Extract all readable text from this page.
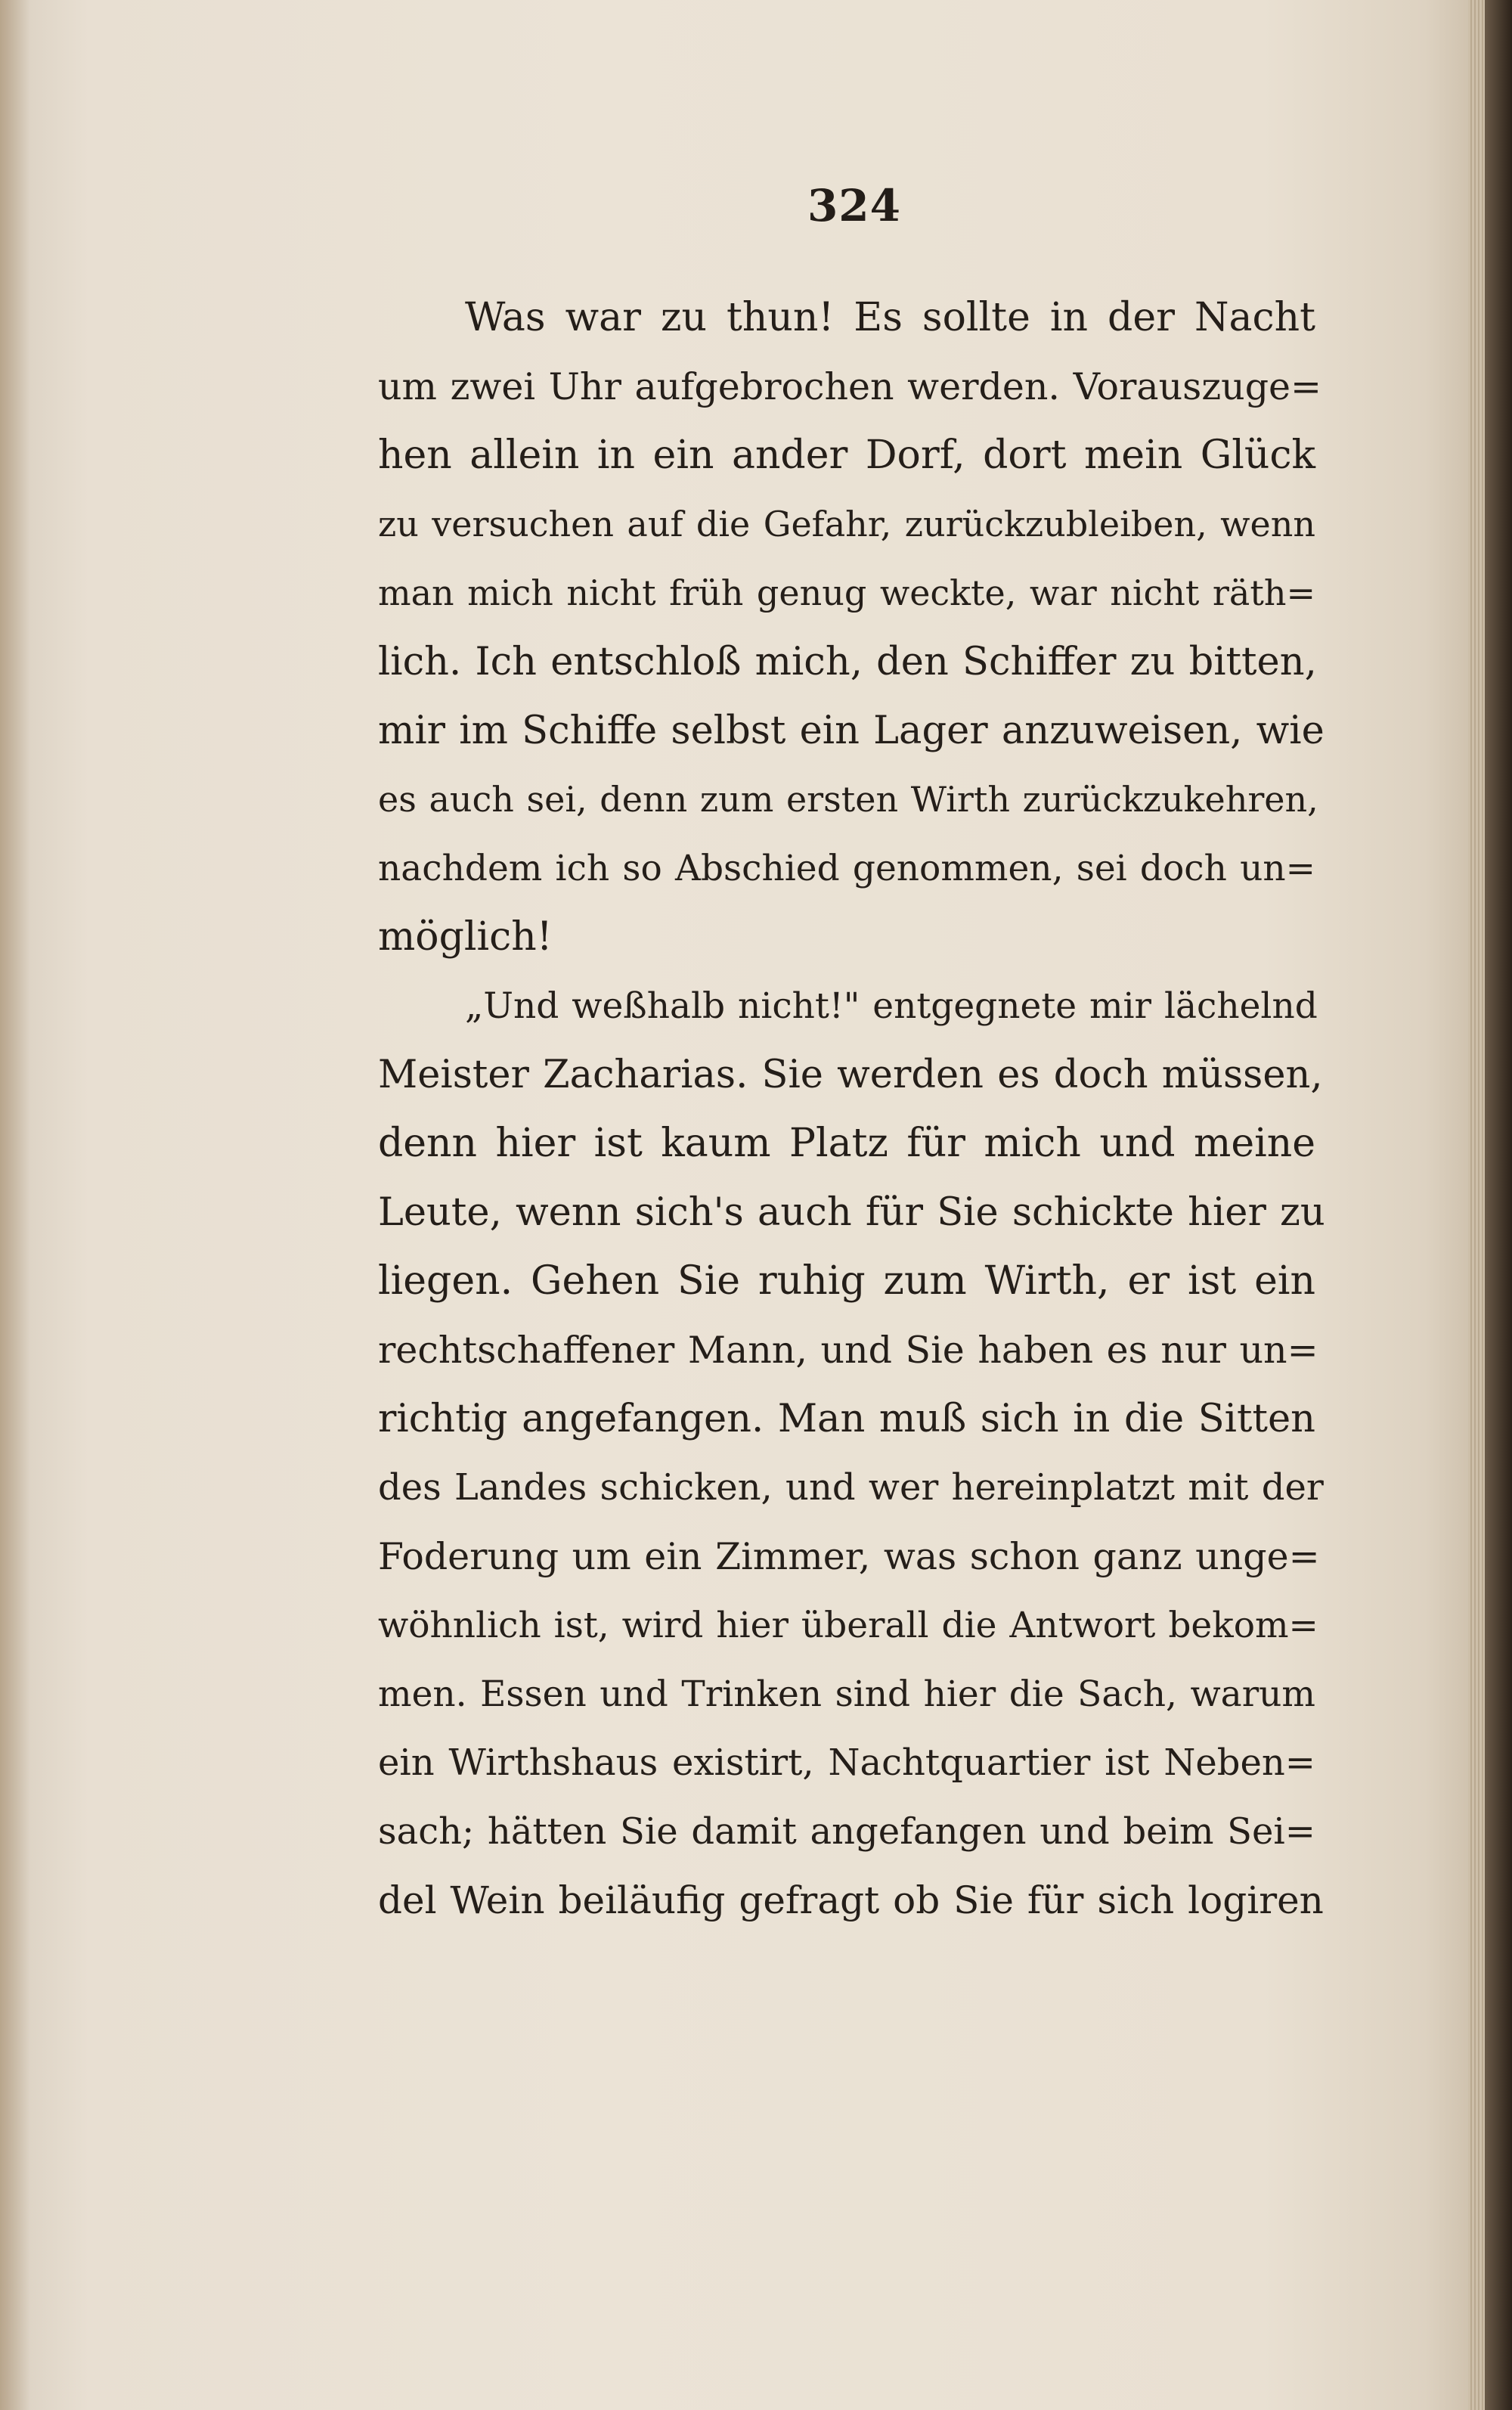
324
Was war zu thun! Es sollte in der Nacht
um zwei Uhr aufgebrochen werden. Vorauszuge=
hen allein in ein ander Dorf, dort mein Glück
zu versuchen auf die Gefahr, zurückzubleiben, wenn
man mich nicht früh genug weckte, war nicht räth=
lich. Ich entschloß mich, den Schiffer zu bitten,
mir im Schiffe selbst ein Lager anzuweisen, wie
es auch sei, denn zum ersten Wirth zurückzukehren,
nachdem ich so Abschied genommen, sei doch un=
möglich!
„Und weßhalb nicht!" entgegnete mir lächelnd
Meister Zacharias. Sie werden es doch müssen,
denn hier ist kaum Platz für mich und meine
Leute, wenn sich's auch für Sie schickte hier zu
liegen. Gehen Sie ruhig zum Wirth, er ist ein
rechtschaffener Mann, und Sie haben es nur un=
richtig angefangen. Man muß sich in die Sitten
des Landes schicken, und wer hereinplatzt mit der
Foderung um ein Zimmer, was schon ganz unge=
wöhnlich ist, wird hier überall die Antwort bekom=
men. Essen und Trinken sind hier die Sach, warum
ein Wirthshaus existirt, Nachtquartier ist Neben=
sach; hätten Sie damit angefangen und beim Sei=
del Wein beiläufig gefragt ob Sie für sich logiren
